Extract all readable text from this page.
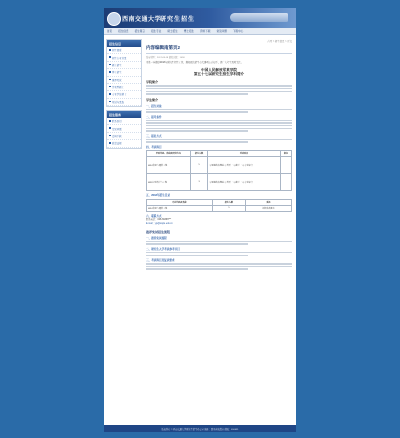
西南交通大学
研究生招生
首页 招生信息 招生简章 招生专业 硕士招生 博士招生 资料下载 常见问题 下载中心
招生信息
招生简章
招生专业目录
硕士招生
博士招生
推荐免试
学术型硕士
专业学位硕士
复试与录取
招生服务
联系我们
常见问题
资料下载
政策法规
首页 > 招生信息 > 正文
内容编辑南第页2
发布时间：2017-09-18 浏览次数：1058

为进一步做好2018年研究生招生工作，现将我院招生有关事项公示如下，请广大考生及时关注。

中国人民解放军某学院
第五十七届研究生招生学科简介
学院简介
学生简介
一、招生对象
二、报考条件
三、报名方式
四、考试科目
学科代码、名称及研究方向	招生人数	考试科目	备注
0810信息与通信工程	5	①思想政治理论 ②英语一 ③数学一 ④专业综合	
0811控制科学与工程	3	①思想政治理论 ②英语一 ③数学一 ④专业综合	
五、2018年招生目录
专业代码及名称	招生人数	备注
0810信息与通信工程	5	拟接收推免生
六、联系方式

联系电话：028-66366***

E-mail：yjs@swjtu.edu.cn

推荐免试招生流程
一、推荐免试流程
二、研究生入学考试参考书目
三、考试科目及复试要求
版权所有 © 西南交通大学研究生招生办公室 地址：四川省成都市 邮编：610031
